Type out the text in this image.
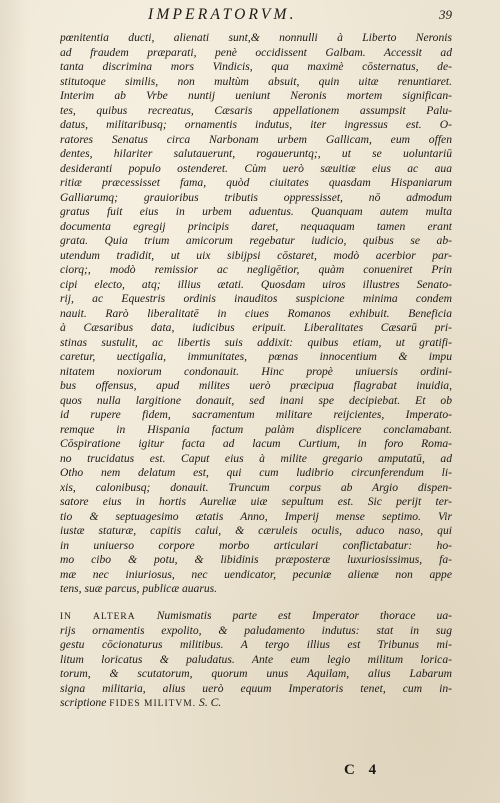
IMPERATORVM.	39
pœnitentia ducti, alienati sunt,& nonnulli à Liberto Neronis
ad fraudem præparati, penè occidissent Galbam. Accessit ad
tanta discrimina mors Vindicis, qua maximè cōsternatus, de-
stitutoque similis, non multùm absuit, quin uitæ renuntiaret.
Interim ab Vrbe nuntij ueniunt Neronis mortem significan-
tes, quibus recreatus, Cæsaris appellationem assumpsit Palu-
datus, militaribusq; ornamentis indutus, iter ingressus est. O-
ratores Senatus circa Narbonam urbem Gallicam, eum offen
dentes, hilariter salutauerunt, rogaueruntq;, ut se uoluntariū
desideranti populo ostenderet. Cùm uerò sæuitiæ eius ac aua
ritiæ præcessisset fama, quòd ciuitates quasdam Hispaniarum
Galliarumq; grauioribus tributis oppressisset, nō admodum
gratus fuit eius in urbem aduentus. Quanquam autem multa
documenta egregij principis daret, nequaquam tamen erant
grata. Quia trium amicorum regebatur iudicio, quibus se ab-
utendum tradidit, ut uix sibijpsi cōstaret, modò acerbior par-
ciorq;, modò remissior ac negligētior, quàm conueniret Prin
cipi electo, atq; illius ætati. Quosdam uiros illustres Senato-
rij, ac Equestris ordinis inauditos suspicione minima condem
nauit. Rarò liberalitatē in ciues Romanos exhibuit. Beneficia
à Cæsaribus data, iudicibus eripuit. Liberalitates Cæsarū pri-
stinas sustulit, ac libertis suis addixit: quibus etiam, ut gratifi-
caretur, uectigalia, immunitates, pœnas innocentium & impu
nitatem noxiorum condonauit. Hinc propè uniuersis ordini-
bus offensus, apud milites uerò præcipua flagrabat inuidia,
quos nulla largitione donauit, sed inani spe decipiebat. Et ob
id rupere fidem, sacramentum militare reijcientes, Imperato-
remque in Hispania factum palàm displicere conclamabant.
Cōspiratione igitur facta ad lacum Curtium, in foro Roma-
no trucidatus est. Caput eius à milite gregario amputatū, ad
Otho nem delatum est, qui cum ludibrio circunferendum li-
xis, calonibusq; donauit. Truncum corpus ab Argio dispen-
satore eius in hortis Aureliæ uiæ sepultum est. Sic perijt ter-
tio & septuagesimo ætatis Anno, Imperij mense septimo. Vir
iustæ staturæ, capitis calui, & cæruleis oculis, aduco naso, qui
in uniuerso corpore morbo articulari conflictabatur: ho-
mo cibo & potu, & libidinis præposteræ luxuriosissimus, fa-
mæ nec iniuriosus, nec uendicator, pecuniæ alienæ non appe
tens, suæ parcus, publicæ auarus.
IN ALTERA Numismatis parte est Imperator thorace ua-
rijs ornamentis expolito, & paludamento indutus: stat in sug
gestu cōcionaturus militibus. A tergo illius est Tribunus mi-
litum loricatus & paludatus. Ante eum legio militum lorica-
torum, & scutatorum, quorum unus Aquilam, alius Labarum
signa militaria, alius uerò equum Imperatoris tenet, cum in-
scriptione FIDES MILITVM. S. C.
C 4
